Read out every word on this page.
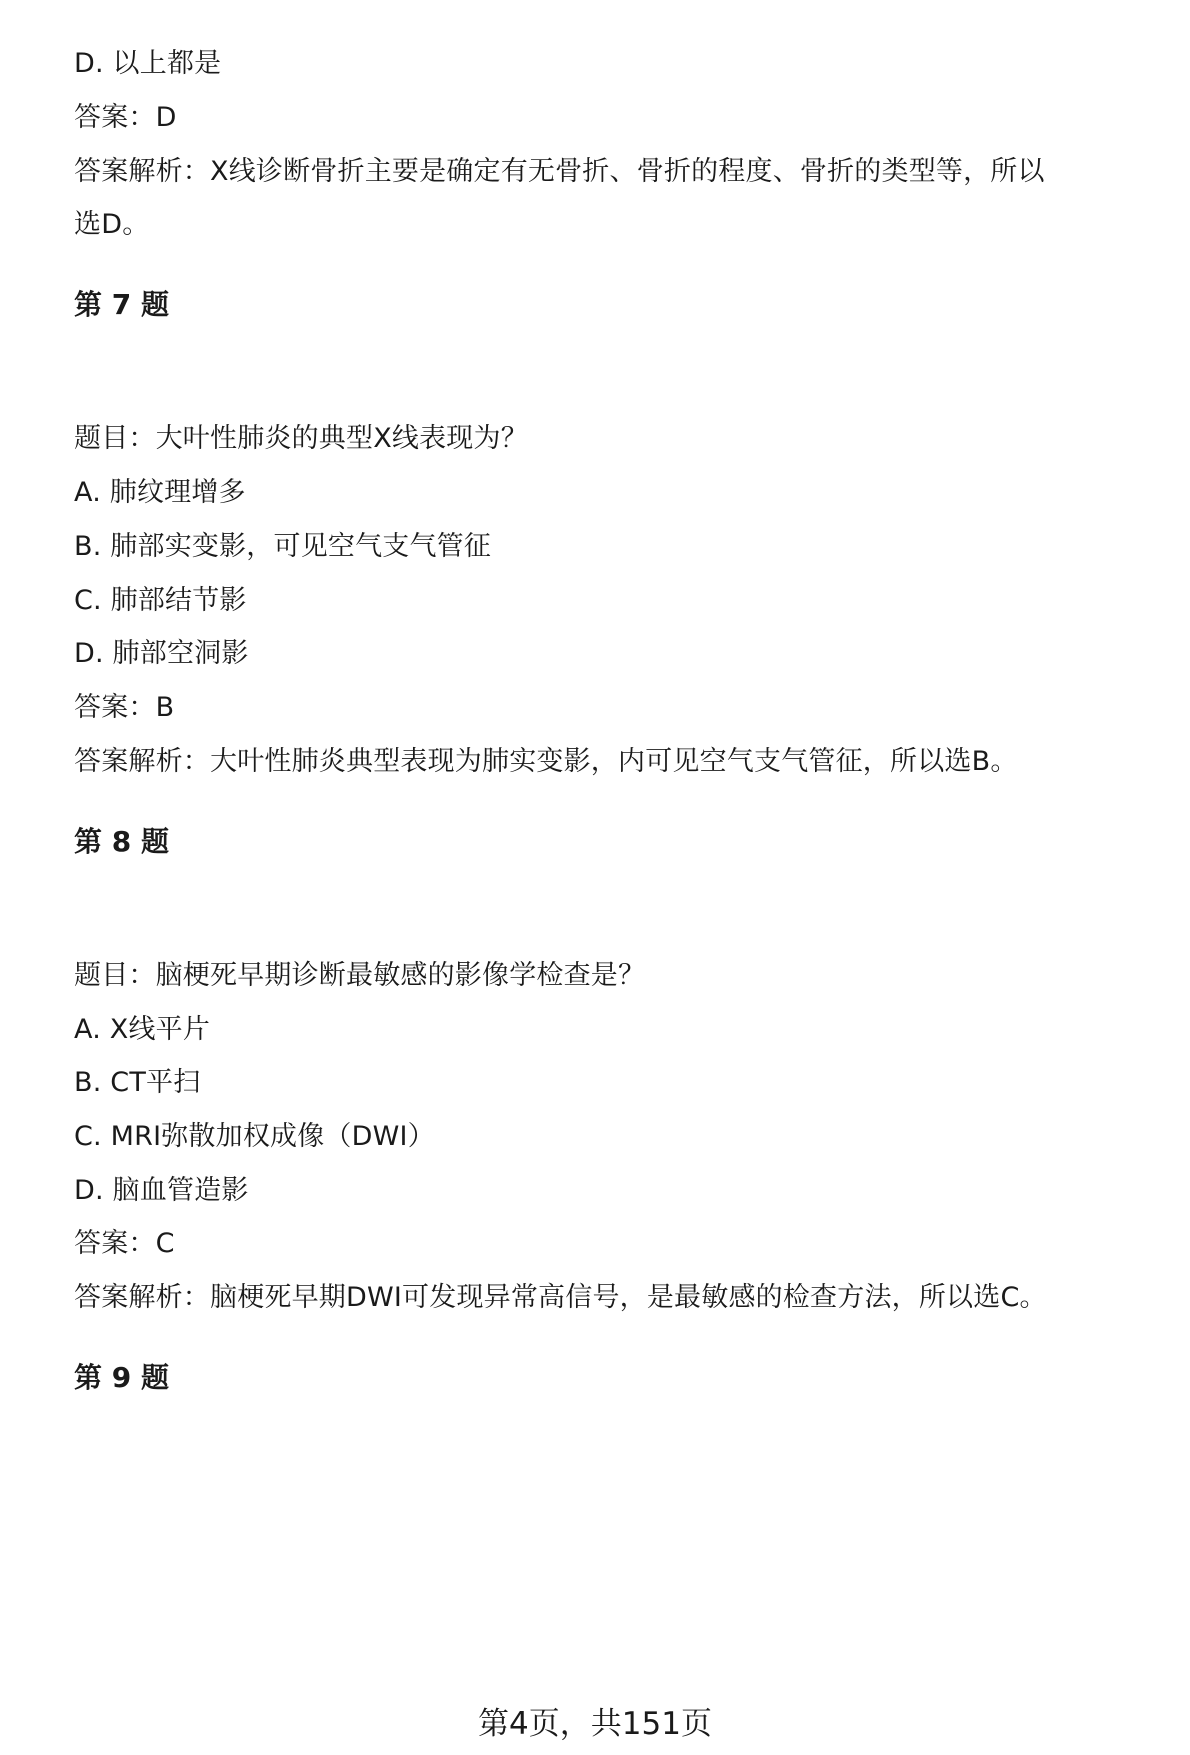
D. 以上都是
答案：D
答案解析：X线诊断骨折主要是确定有无骨折、骨折的程度、骨折的类型等，所以
选D。
第 7 题
题目：大叶性肺炎的典型X线表现为？
A. 肺纹理增多
B. 肺部实变影，可见空气支气管征
C. 肺部结节影
D. 肺部空洞影
答案：B
答案解析：大叶性肺炎典型表现为肺实变影，内可见空气支气管征，所以选B。
第 8 题
题目：脑梗死早期诊断最敏感的影像学检查是？
A. X线平片
B. CT平扫
C. MRI弥散加权成像（DWI）
D. 脑血管造影
答案：C
答案解析：脑梗死早期DWI可发现异常高信号，是最敏感的检查方法，所以选C。
第 9 题
第4页，共151页
